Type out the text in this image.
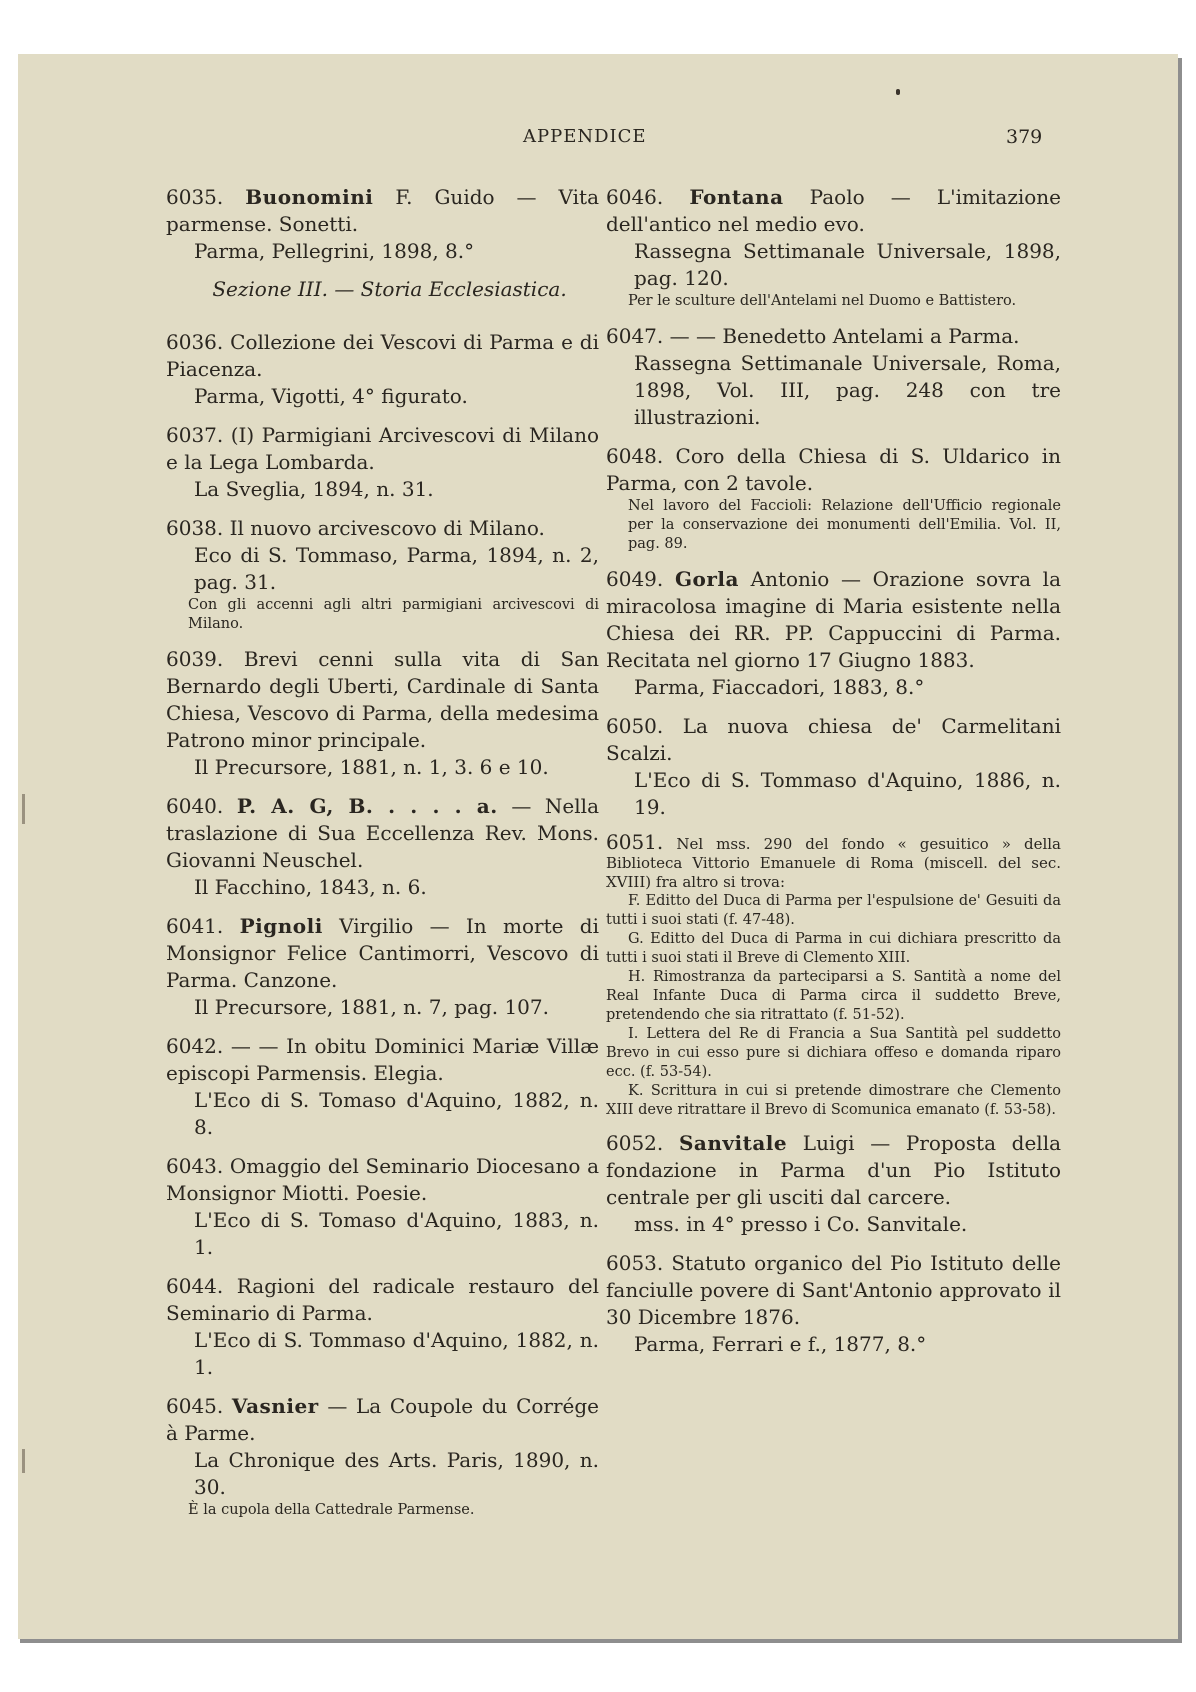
APPENDICE	379
6035. Buonomini F. Guido — Vita parmense. Sonetti.
Parma, Pellegrini, 1898, 8.°
Sezione III. — Storia Ecclesiastica.
6036. Collezione dei Vescovi di Parma e di Piacenza.
Parma, Vigotti, 4° figurato.
6037. (I) Parmigiani Arcivescovi di Milano e la Lega Lombarda.
La Sveglia, 1894, n. 31.
6038. Il nuovo arcivescovo di Milano.
Eco di S. Tommaso, Parma, 1894, n. 2, pag. 31.
Con gli accenni agli altri parmigiani arcivescovi di Milano.
6039. Brevi cenni sulla vita di San Bernardo degli Uberti, Cardinale di Santa Chiesa, Vescovo di Parma, della medesima Patrono minor principale.
Il Precursore, 1881, n. 1, 3. 6 e 10.
6040. P. A. G, B. . . . . a. — Nella traslazione di Sua Eccellenza Rev. Mons. Giovanni Neuschel.
Il Facchino, 1843, n. 6.
6041. Pignoli Virgilio — In morte di Monsignor Felice Cantimorri, Vescovo di Parma. Canzone.
Il Precursore, 1881, n. 7, pag. 107.
6042. — — In obitu Dominici Mariæ Villæ episcopi Parmensis. Elegia.
L'Eco di S. Tomaso d'Aquino, 1882, n. 8.
6043. Omaggio del Seminario Diocesano a Monsignor Miotti. Poesie.
L'Eco di S. Tomaso d'Aquino, 1883, n. 1.
6044. Ragioni del radicale restauro del Seminario di Parma.
L'Eco di S. Tommaso d'Aquino, 1882, n. 1.
6045. Vasnier — La Coupole du Corrége à Parme.
La Chronique des Arts. Paris, 1890, n. 30.
È la cupola della Cattedrale Parmense.
6046. Fontana Paolo — L'imitazione dell'antico nel medio evo.
Rassegna Settimanale Universale, 1898, pag. 120.
Per le sculture dell'Antelami nel Duomo e Battistero.
6047. — — Benedetto Antelami a Parma.
Rassegna Settimanale Universale, Roma, 1898, Vol. III, pag. 248 con tre illustrazioni.
6048. Coro della Chiesa di S. Uldarico in Parma, con 2 tavole.
Nel lavoro del Faccioli: Relazione dell'Ufficio regionale per la conservazione dei monumenti dell'Emilia. Vol. II, pag. 89.
6049. Gorla Antonio — Orazione sovra la miracolosa imagine di Maria esistente nella Chiesa dei RR. PP. Cappuccini di Parma. Recitata nel giorno 17 Giugno 1883.
Parma, Fiaccadori, 1883, 8.°
6050. La nuova chiesa de' Carmelitani Scalzi.
L'Eco di S. Tommaso d'Aquino, 1886, n. 19.
6051. Nel mss. 290 del fondo « gesuitico » della Biblioteca Vittorio Emanuele di Roma (miscell. del sec. XVIII) fra altro si trova:
F. Editto del Duca di Parma per l'espulsione de' Gesuiti da tutti i suoi stati (f. 47-48).
G. Editto del Duca di Parma in cui dichiara prescritto da tutti i suoi stati il Breve di Clemento XIII.
H. Rimostranza da parteciparsi a S. Santità a nome del Real Infante Duca di Parma circa il suddetto Breve, pretendendo che sia ritrattato (f. 51-52).
I. Lettera del Re di Francia a Sua Santità pel suddetto Brevo in cui esso pure si dichiara offeso e domanda riparo ecc. (f. 53-54).
K. Scrittura in cui si pretende dimostrare che Clemento XIII deve ritrattare il Brevo di Scomunica emanato (f. 53-58).
6052. Sanvitale Luigi — Proposta della fondazione in Parma d'un Pio Istituto centrale per gli usciti dal carcere.
mss. in 4° presso i Co. Sanvitale.
6053. Statuto organico del Pio Istituto delle fanciulle povere di Sant'Antonio approvato il 30 Dicembre 1876.
Parma, Ferrari e f., 1877, 8.°
